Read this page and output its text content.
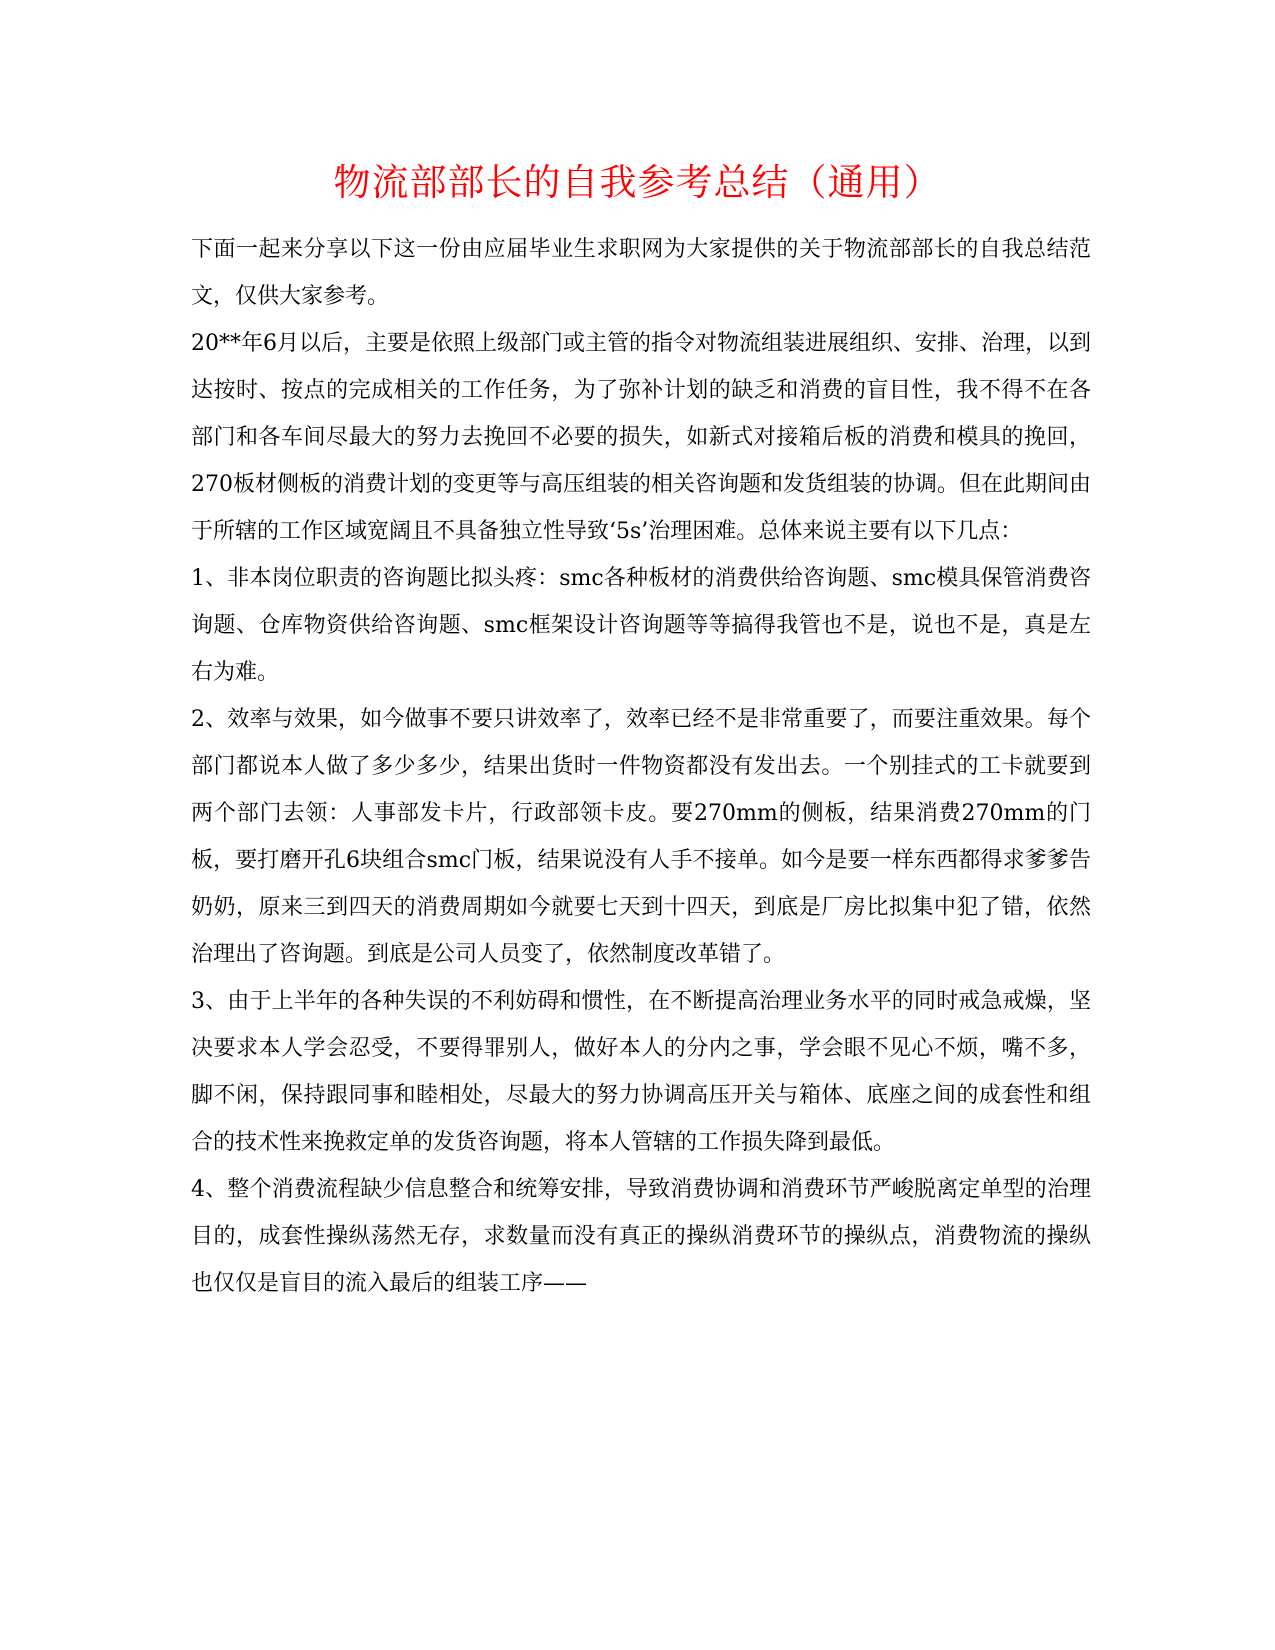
物流部部长的自我参考总结（通用）

下面一起来分享以下这一份由应届毕业生求职网为大家提供的关于物流部部长的自我总结范文，仅供大家参考。

20**年6月以后，主要是依照上级部门或主管的指令对物流组装进展组织、安排、治理，以到达按时、按点的完成相关的工作任务，为了弥补计划的缺乏和消费的盲目性，我不得不在各部门和各车间尽最大的努力去挽回不必要的损失，如新式对接箱后板的消费和模具的挽回，270板材侧板的消费计划的变更等与高压组装的相关咨询题和发货组装的协调。但在此期间由于所辖的工作区域宽阔且不具备独立性导致‘5s’治理困难。总体来说主要有以下几点：

1、非本岗位职责的咨询题比拟头疼：smc各种板材的消费供给咨询题、smc模具保管消费咨询题、仓库物资供给咨询题、smc框架设计咨询题等等搞得我管也不是，说也不是，真是左右为难。

2、效率与效果，如今做事不要只讲效率了，效率已经不是非常重要了，而要注重效果。每个部门都说本人做了多少多少，结果出货时一件物资都没有发出去。一个别挂式的工卡就要到两个部门去领：人事部发卡片，行政部领卡皮。要270mm的侧板，结果消费270mm的门板，要打磨开孔6块组合smc门板，结果说没有人手不接单。如今是要一样东西都得求爹爹告奶奶，原来三到四天的消费周期如今就要七天到十四天，到底是厂房比拟集中犯了错，依然治理出了咨询题。到底是公司人员变了，依然制度改革错了。

3、由于上半年的各种失误的不利妨碍和惯性，在不断提高治理业务水平的同时戒急戒燥，坚决要求本人学会忍受，不要得罪别人，做好本人的分内之事，学会眼不见心不烦，嘴不多，脚不闲，保持跟同事和睦相处，尽最大的努力协调高压开关与箱体、底座之间的成套性和组合的技术性来挽救定单的发货咨询题，将本人管辖的工作损失降到最低。

4、整个消费流程缺少信息整合和统筹安排，导致消费协调和消费环节严峻脱离定单型的治理目的，成套性操纵荡然无存，求数量而没有真正的操纵消费环节的操纵点，消费物流的操纵也仅仅是盲目的流入最后的组装工序——
